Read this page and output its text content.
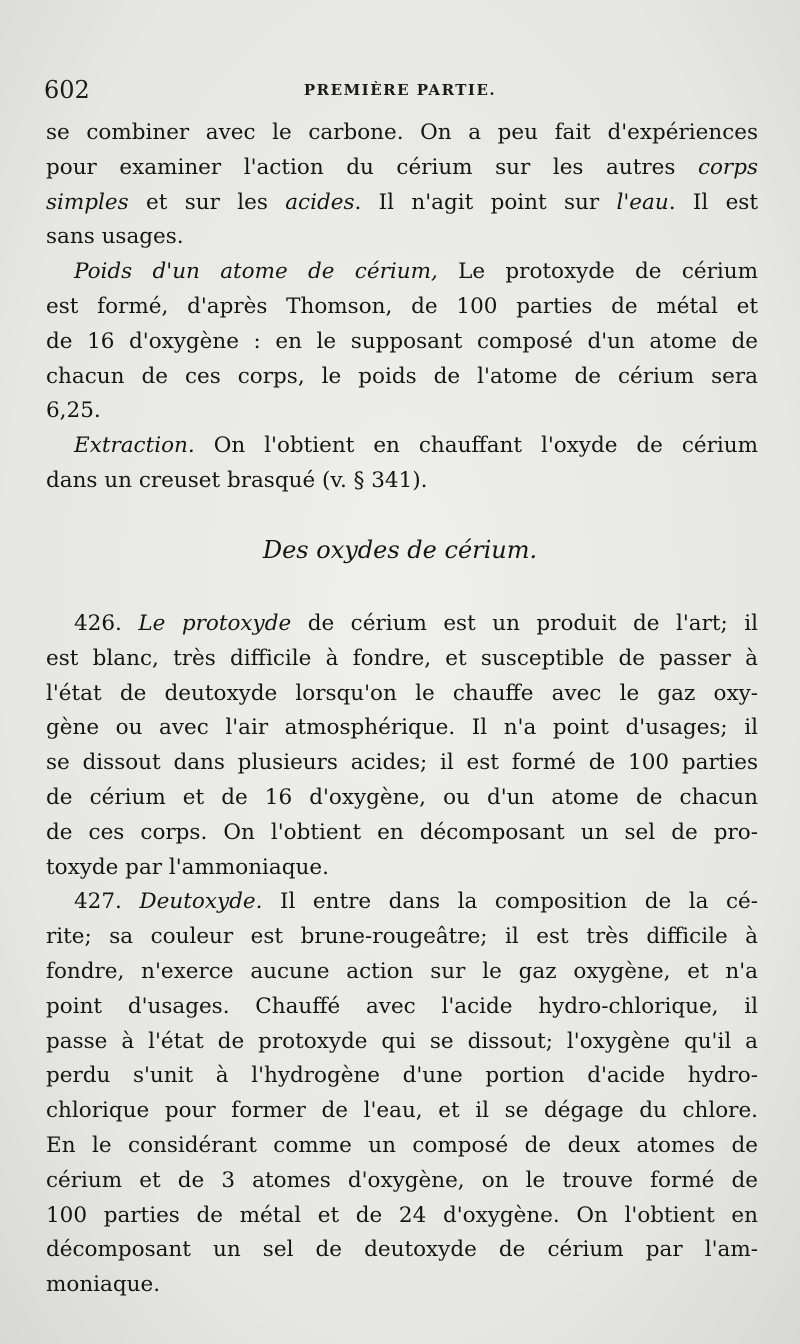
602	PREMIÈRE PARTIE.
se combiner avec le carbone. On a peu fait d'expériences
pour examiner l'action du cérium sur les autres corps
simples et sur les acides. Il n'agit point sur l'eau. Il est
sans usages.
Poids d'un atome de cérium, Le protoxyde de cérium
est formé, d'après Thomson, de 100 parties de métal et
de 16 d'oxygène : en le supposant composé d'un atome de
chacun de ces corps, le poids de l'atome de cérium sera
6,25.
Extraction. On l'obtient en chauffant l'oxyde de cérium
dans un creuset brasqué (v. § 341).
Des oxydes de cérium.
426. Le protoxyde de cérium est un produit de l'art; il
est blanc, très difficile à fondre, et susceptible de passer à
l'état de deutoxyde lorsqu'on le chauffe avec le gaz oxy-
gène ou avec l'air atmosphérique. Il n'a point d'usages; il
se dissout dans plusieurs acides; il est formé de 100 parties
de cérium et de 16 d'oxygène, ou d'un atome de chacun
de ces corps. On l'obtient en décomposant un sel de pro-
toxyde par l'ammoniaque.
427. Deutoxyde. Il entre dans la composition de la cé-
rite; sa couleur est brune-rougeâtre; il est très difficile à
fondre, n'exerce aucune action sur le gaz oxygène, et n'a
point d'usages. Chauffé avec l'acide hydro-chlorique, il
passe à l'état de protoxyde qui se dissout; l'oxygène qu'il a
perdu s'unit à l'hydrogène d'une portion d'acide hydro-
chlorique pour former de l'eau, et il se dégage du chlore.
En le considérant comme un composé de deux atomes de
cérium et de 3 atomes d'oxygène, on le trouve formé de
100 parties de métal et de 24 d'oxygène. On l'obtient en
décomposant un sel de deutoxyde de cérium par l'am-
moniaque.
